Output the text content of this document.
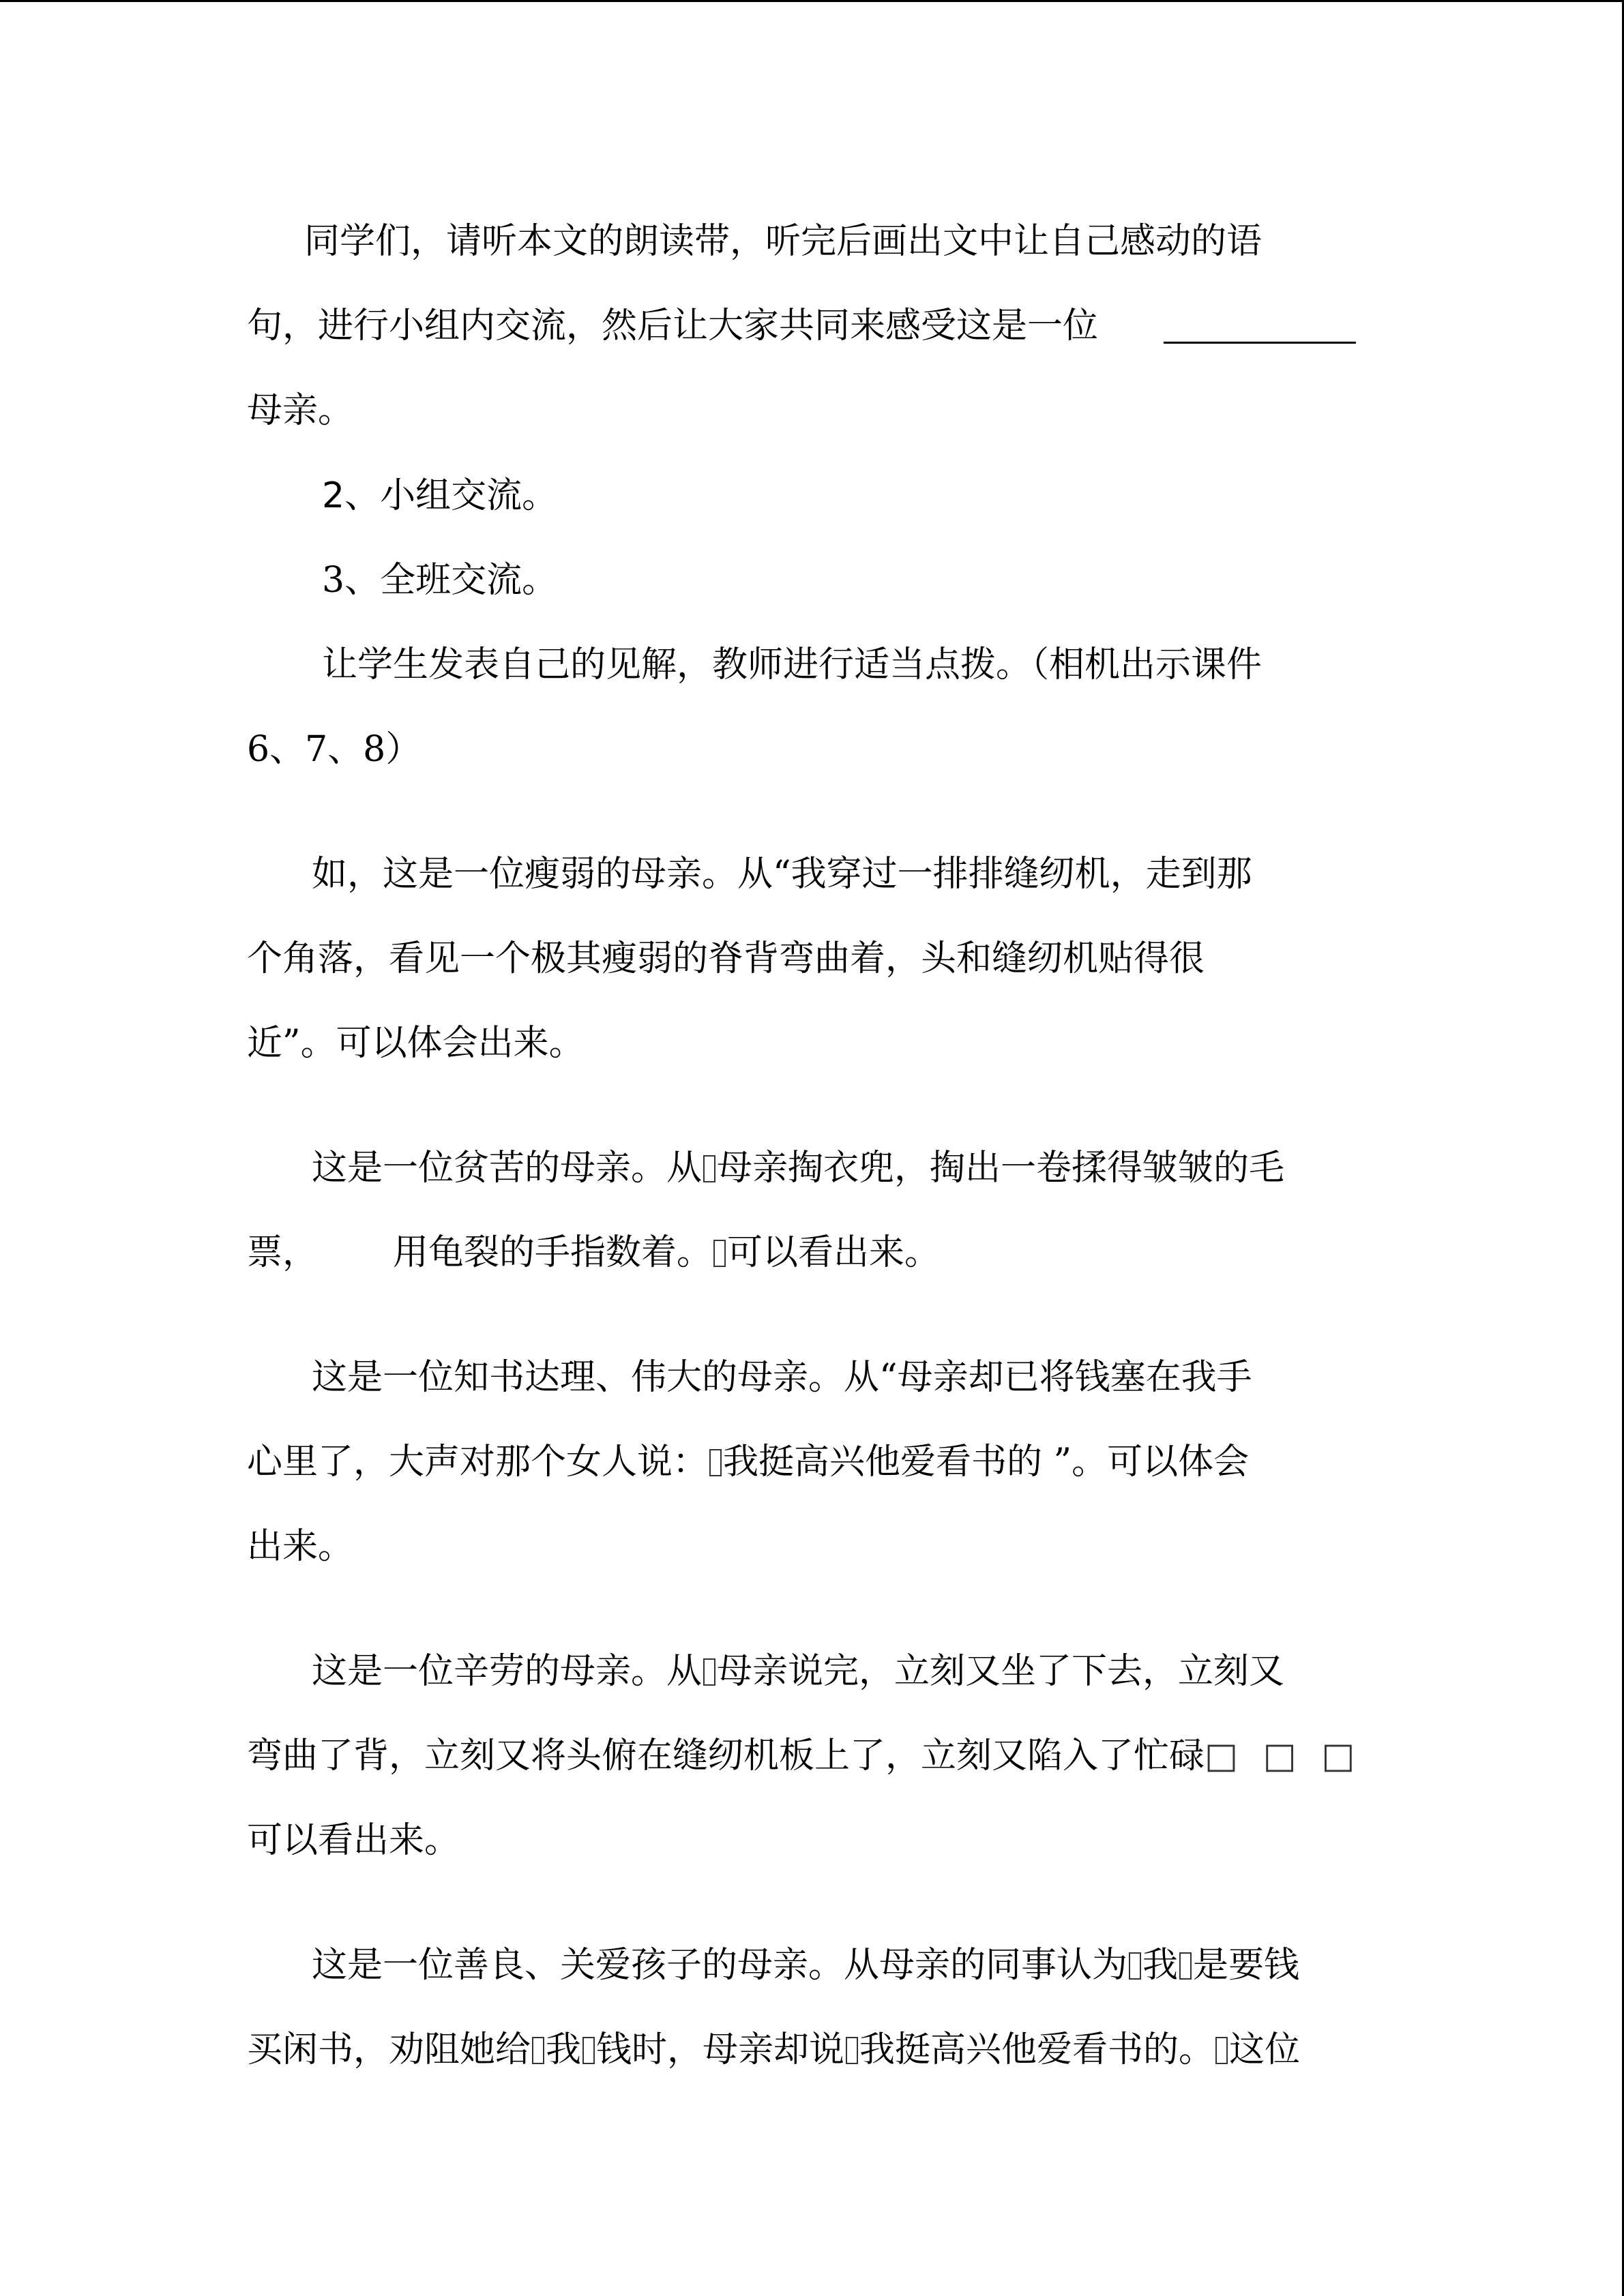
同学们，请听本文的朗读带，听完后画出文中让自己感动的语
句，进行小组内交流，然后让大家共同来感受这是一位
母亲。
2、小组交流。
3、全班交流。
让学生发表自己的见解，教师进行适当点拨。（相机出示课件
6、7、8）
如，这是一位瘦弱的母亲。从“我穿过一排排缝纫机，走到那
个角落，看见一个极其瘦弱的脊背弯曲着，头和缝纫机贴得很
近”。可以体会出来。
这是一位贫苦的母亲。从 母亲掏衣兜，掏出一卷揉得皱皱的毛
票， 用龟裂的手指数着。 可以看出来。
这是一位知书达理、伟大的母亲。从“母亲却已将钱塞在我手
心里了，大声对那个女人说： 我挺高兴他爱看书的 ”。可以体会
出来。
这是一位辛劳的母亲。从 母亲说完，立刻又坐了下去，立刻又
弯曲了背，立刻又将头俯在缝纫机板上了，立刻又陷入了忙碌□ □ □
可以看出来。
这是一位善良、关爱孩子的母亲。从母亲的同事认为 我 是要钱
买闲书，劝阻她给 我 钱时，母亲却说 我挺高兴他爱看书的。 这位
